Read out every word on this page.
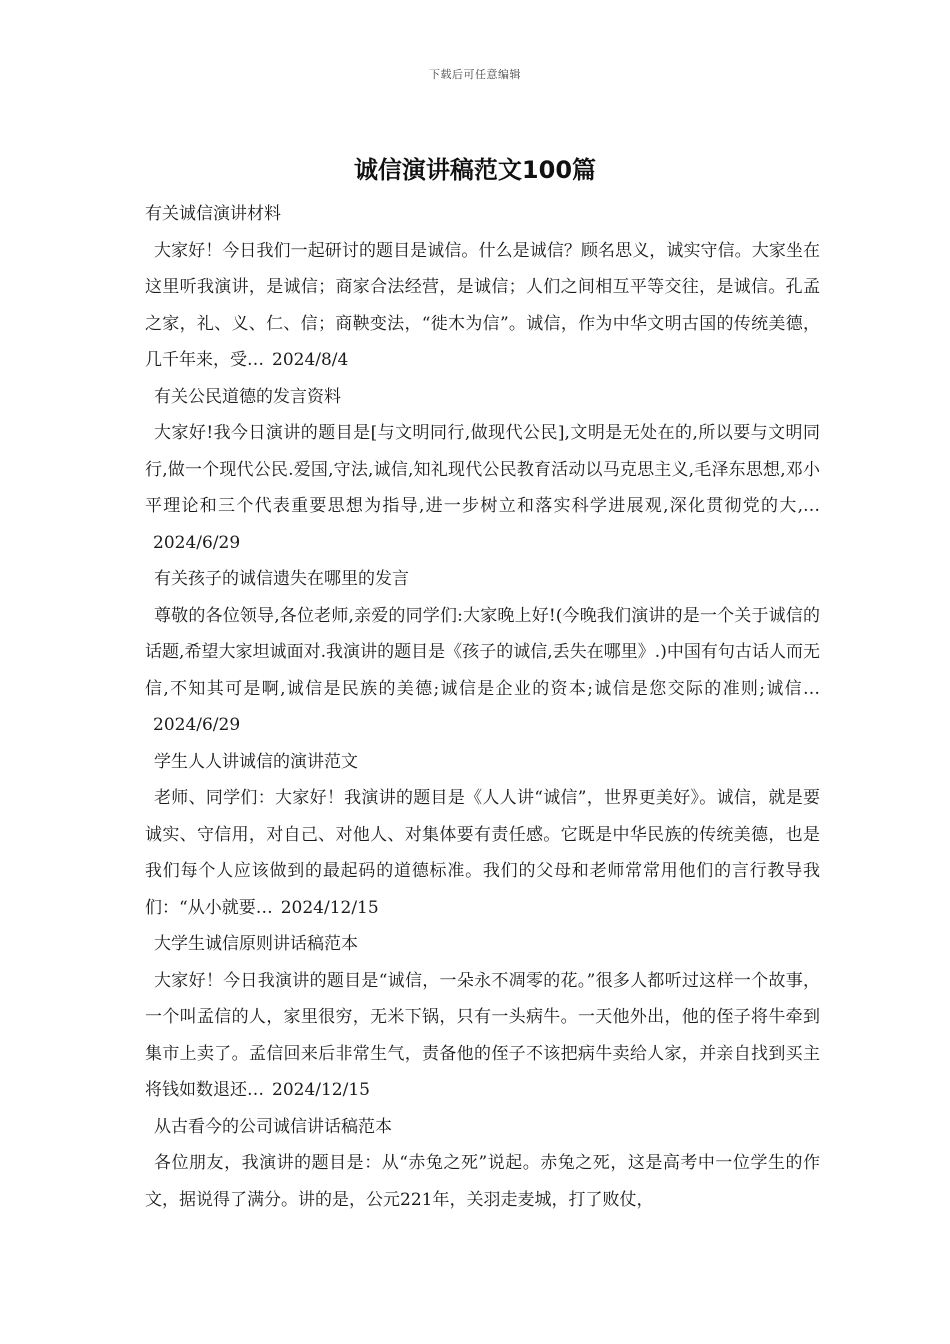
下载后可任意编辑
诚信演讲稿范文100篇

有关诚信演讲材料

大家好！今日我们一起研讨的题目是诚信。什么是诚信？顾名思义，诚实守信。大家坐在这里听我演讲，是诚信；商家合法经营，是诚信；人们之间相互平等交往，是诚信。孔孟之家，礼、义、仁、信；商鞅变法，“徙木为信”。诚信，作为中华文明古国的传统美德，几千年来，受… 2024/8/4

有关公民道德的发言资料

大家好!我今日演讲的题目是[与文明同行,做现代公民],文明是无处在的,所以要与文明同行,做一个现代公民.爱国,守法,诚信,知礼现代公民教育活动以马克思主义,毛泽东思想,邓小平理论和三个代表重要思想为指导,进一步树立和落实科学进展观,深化贯彻党的大,…2024/6/29

有关孩子的诚信遗失在哪里的发言

尊敬的各位领导,各位老师,亲爱的同学们:大家晚上好!(今晚我们演讲的是一个关于诚信的话题,希望大家坦诚面对.我演讲的题目是《孩子的诚信,丢失在哪里》.)中国有句古话人而无信,不知其可是啊,诚信是民族的美德;诚信是企业的资本;诚信是您交际的准则;诚信…2024/6/29

学生人人讲诚信的演讲范文

老师、同学们：大家好！我演讲的题目是《人人讲“诚信”，世界更美好》。诚信，就是要诚实、守信用，对自己、对他人、对集体要有责任感。它既是中华民族的传统美德，也是我们每个人应该做到的最起码的道德标准。我们的父母和老师常常用他们的言行教导我们：“从小就要… 2024/12/15

大学生诚信原则讲话稿范本

大家好！今日我演讲的题目是“诚信，一朵永不凋零的花。”很多人都听过这样一个故事，一个叫孟信的人，家里很穷，无米下锅，只有一头病牛。一天他外出，他的侄子将牛牵到集市上卖了。孟信回来后非常生气，责备他的侄子不该把病牛卖给人家，并亲自找到买主将钱如数退还… 2024/12/15

从古看今的公司诚信讲话稿范本

各位朋友，我演讲的题目是：从“赤兔之死”说起。赤兔之死，这是高考中一位学生的作文，据说得了满分。讲的是，公元221年，关羽走麦城，打了败仗，
